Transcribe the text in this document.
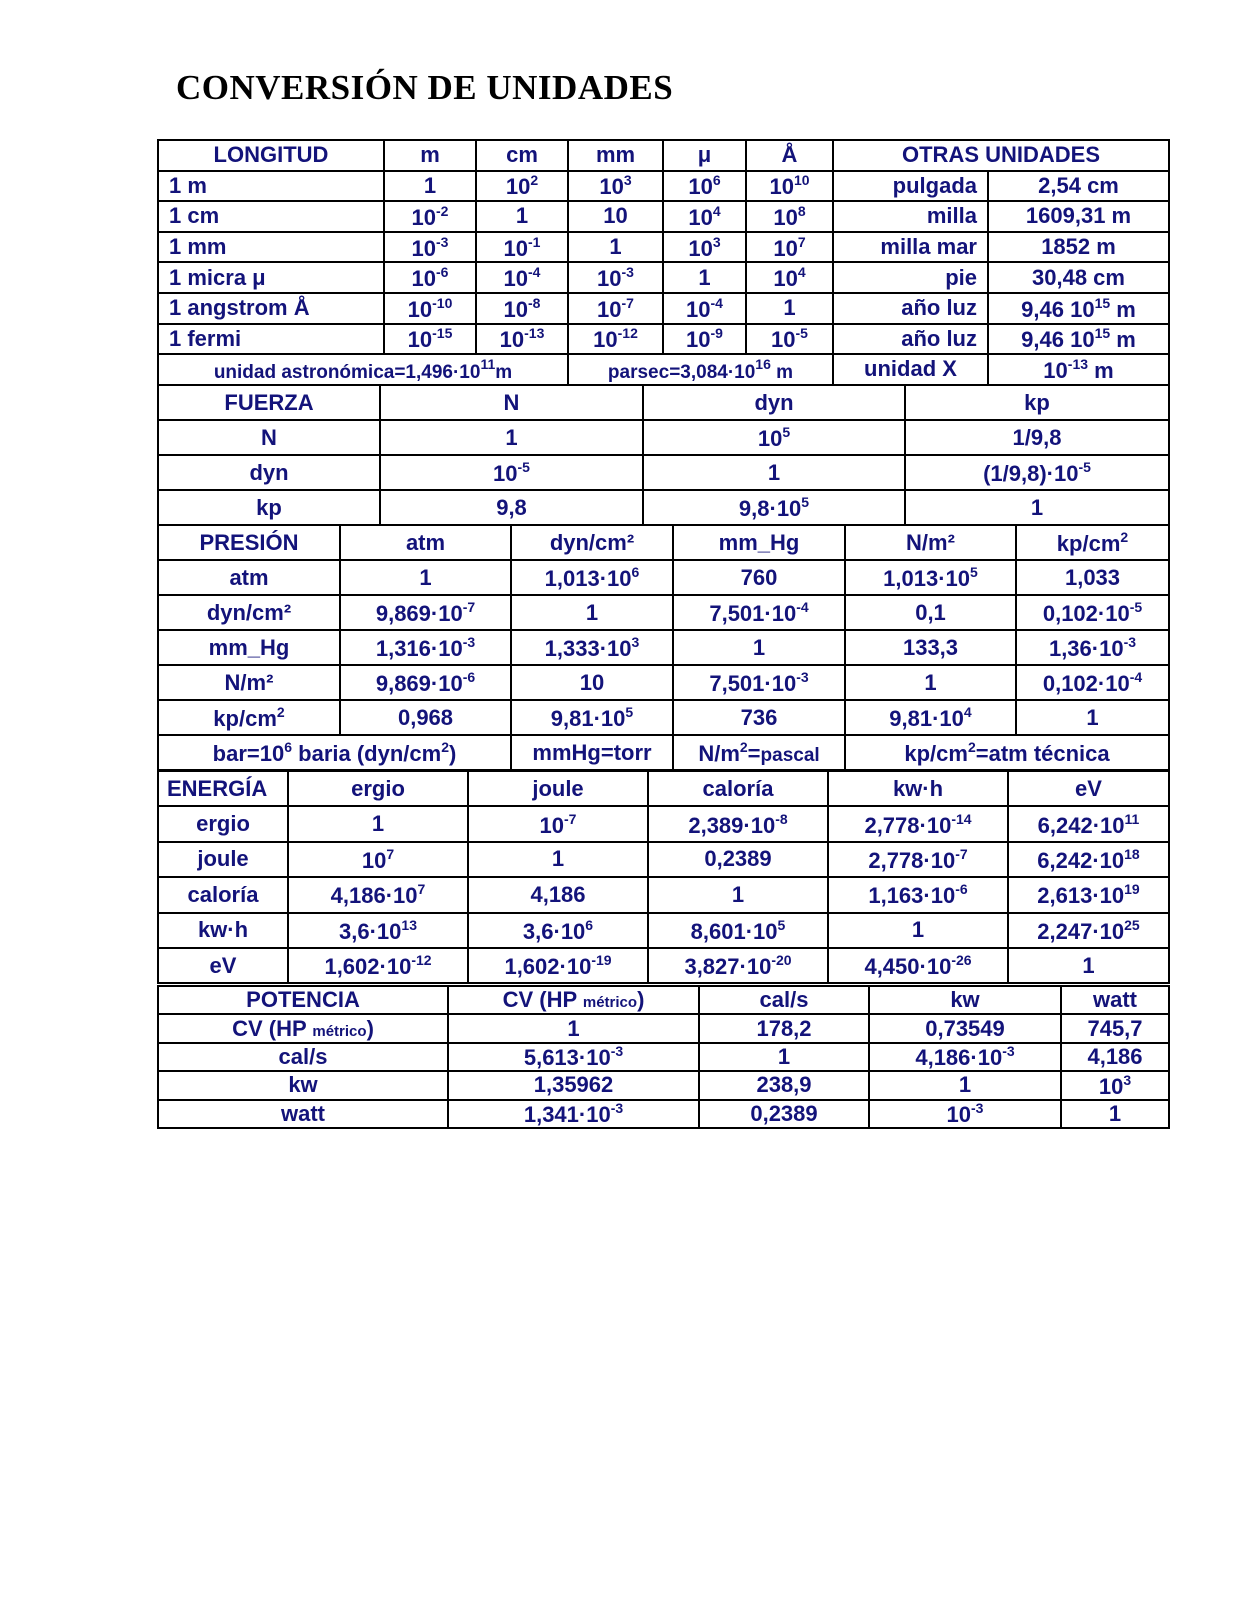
CONVERSIÓN DE UNIDADES
LONGITUD	m	cm	mm	μ	Å	OTRAS UNIDADES	
1 m	1	$10^2$	$10^3$	$10^6$	$10^{10}$	pulgada	2,54 cm
1 cm	$10^{-2}$	1	10	$10^4$	$10^8$	milla	1609,31 m
1 mm	$10^{-3}$	$10^{-1}$	1	$10^3$	$10^7$	milla mar	1852 m
1 micra μ	$10^{-6}$	$10^{-4}$	$10^{-3}$	1	$10^4$	pie	30,48 cm
1 angstrom Å	$10^{-10}$	$10^{-8}$	$10^{-7}$	$10^{-4}$	1	año luz	9,46 $10^{15}$ m
1 fermi	$10^{-15}$	$10^{-13}$	$10^{-12}$	$10^{-9}$	$10^{-5}$	año luz	9,46 $10^{15}$ m
unidad $astronómica=1,496\cdot 10^{11}m$			$parsec=3,084\cdot 10^{16}$ m			unidad X	$10^{-13}$ m
FUERZA	N	dyn	kp
N	1	$10^5$	1/9,8
dyn	$10^{-5}$	1	$(1/9,8)\cdot 10^{-5}$
kp	9,8	$9,8\cdot 10^5$	1
PRESIÓN	atm	dyn/cm²	mm_Hg	N/m²	$kp/cm^2$
atm	1	$1,013\cdot 10^6$	760	$1,013\cdot 10^5$	1,033
dyn/cm²	$9,869\cdot 10^{-7}$	1	$7,501\cdot 10^{-4}$	0,1	$0,102\cdot 10^{-5}$
mm_Hg	$1,316\cdot 10^{-3}$	$1,333\cdot 10^3$	1	133,3	$1,36\cdot 10^{-3}$
N/m²	$9,869\cdot 10^{-6}$	10	$7,501\cdot 10^{-3}$	1	$0,102\cdot 10^{-4}$
$kp/cm^2$	0,968	$9,81\cdot 10^5$	736	$9,81\cdot 10^4$	1
$bar=10^6$ baria $(dyn/cm^2)$		mmHg=torr	$N/m^2=pascal$	$kp/cm^2=atm$ técnica	
ENERGÍA	ergio	joule	caloría	kw·h	eV
ergio	1	$10^{-7}$	$2,389\cdot 10^{-8}$	$2,778\cdot 10^{-14}$	$6,242\cdot 10^{11}$
joule	$10^7$	1	0,2389	$2,778\cdot 10^{-7}$	$6,242\cdot 10^{18}$
caloría	$4,186\cdot 10^7$	4,186	1	$1,163\cdot 10^{-6}$	$2,613\cdot 10^{19}$
kw·h	$3,6\cdot 10^{13}$	$3,6\cdot 10^6$	$8,601\cdot 10^5$	1	$2,247\cdot 10^{25}$
eV	$1,602\cdot 10^{-12}$	$1,602\cdot 10^{-19}$	$3,827\cdot 10^{-20}$	$4,450\cdot 10^{-26}$	1
POTENCIA	CV (HP métrico)	cal/s	kw	watt
CV (HP métrico)	1	178,2	0,73549	745,7
cal/s	$5,613\cdot 10^{-3}$	1	$4,186\cdot 10^{-3}$	4,186
kw	1,35962	238,9	1	$10^3$
watt	$1,341\cdot 10^{-3}$	0,2389	$10^{-3}$	1
